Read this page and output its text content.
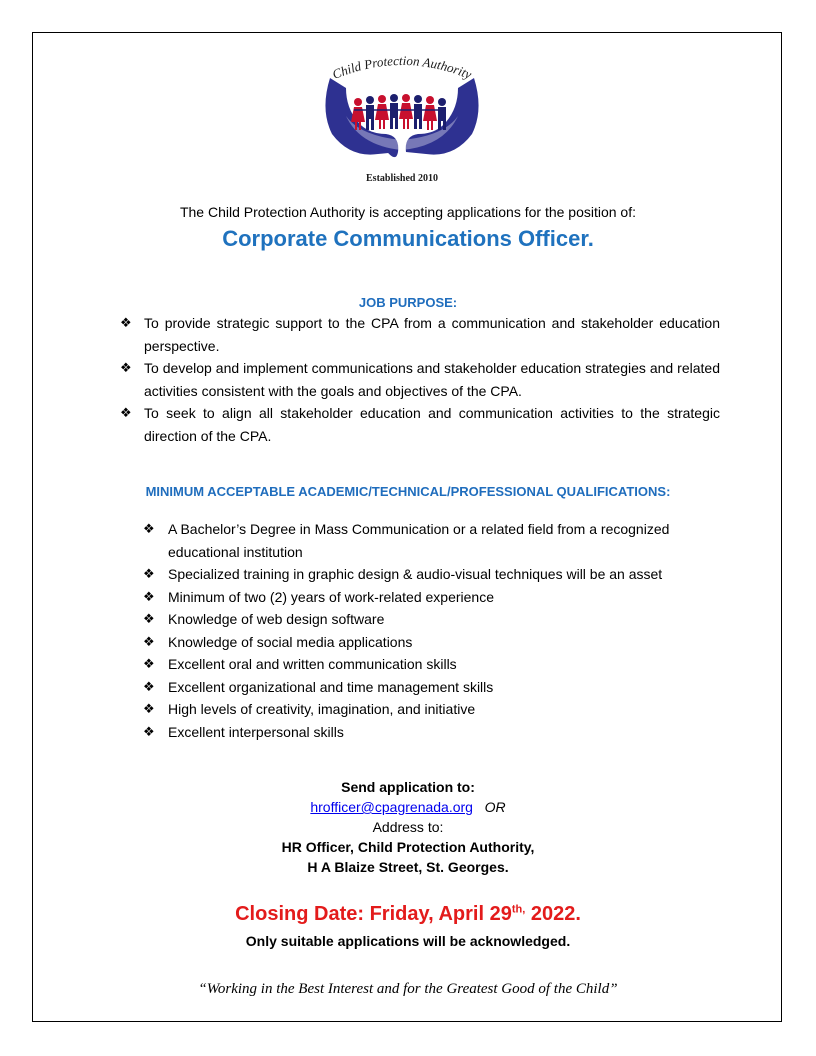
Child Protection Authority
Established 2010
The Child Protection Authority is accepting applications for the position of:
Corporate Communications Officer.
JOB PURPOSE:
❖ To provide strategic support to the CPA from a communication and stakeholder education perspective.
❖ To develop and implement communications and stakeholder education strategies and related activities consistent with the goals and objectives of the CPA.
❖ To seek to align all stakeholder education and communication activities to the strategic direction of the CPA.
MINIMUM ACCEPTABLE ACADEMIC/TECHNICAL/PROFESSIONAL QUALIFICATIONS:
❖ A Bachelor’s Degree in Mass Communication or a related field from a recognized educational institution
❖ Specialized training in graphic design & audio-visual techniques will be an asset
❖ Minimum of two (2) years of work-related experience
❖ Knowledge of web design software
❖ Knowledge of social media applications
❖ Excellent oral and written communication skills
❖ Excellent organizational and time management skills
❖ High levels of creativity, imagination, and initiative
❖ Excellent interpersonal skills
Send application to:
hrofficer@cpagrenada.org OR
Address to:
HR Officer, Child Protection Authority,
H A Blaize Street, St. Georges.
Closing Date: Friday, April $29^{th,}$ 2022.
Only suitable applications will be acknowledged.
“Working in the Best Interest and for the Greatest Good of the Child”
